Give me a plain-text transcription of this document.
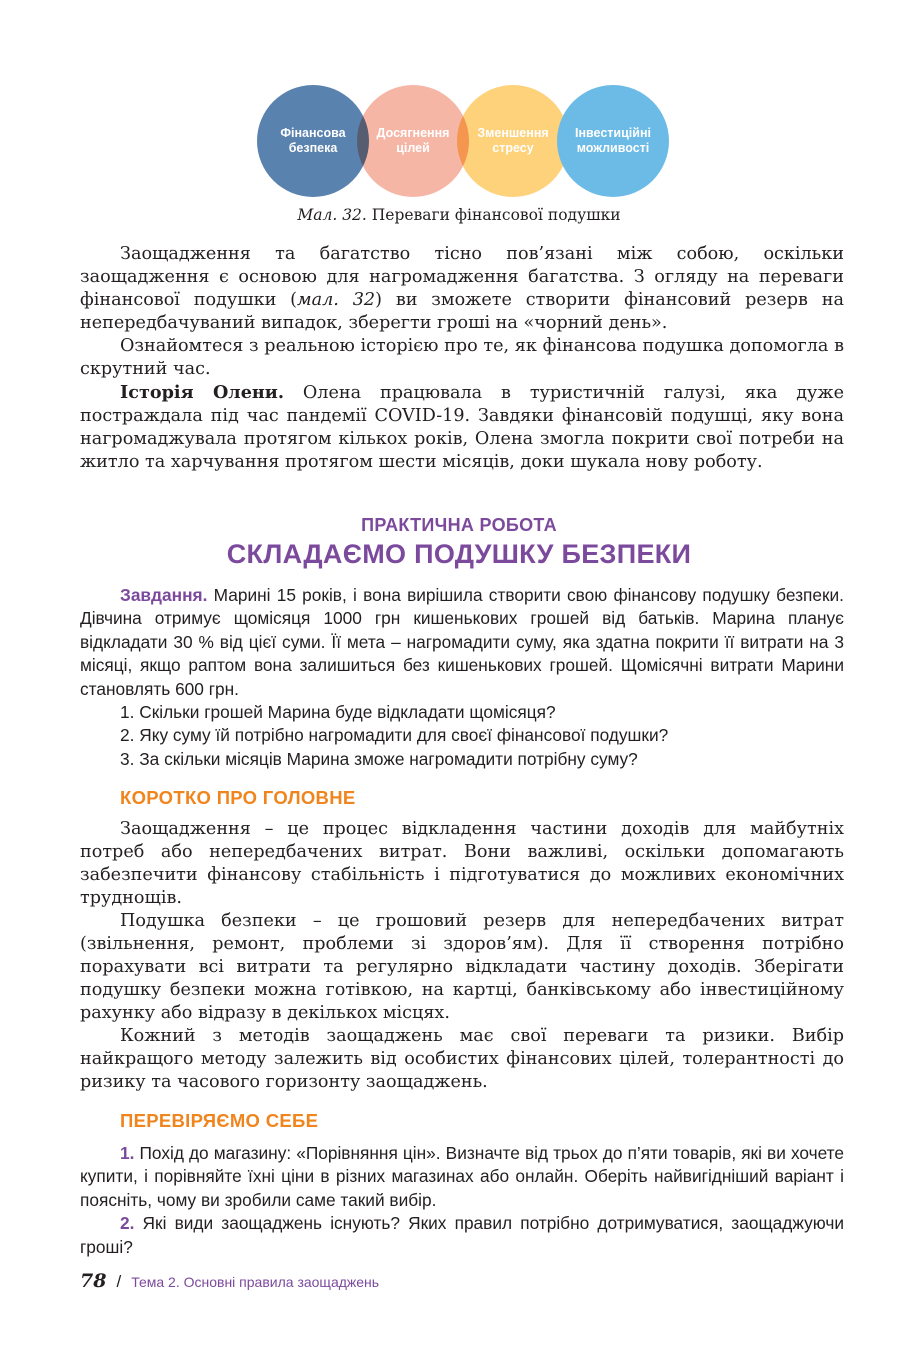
Фінансова
безпека
Досягнення
цілей
Зменшення
стресу
Інвестиційні
можливості
Мал. 32. Переваги фінансової подушки

Заощадження та багатство тісно пов’язані між собою, оскільки заощадження є основою для нагромадження багатства. З огляду на переваги фінансової подушки (мал. 32) ви зможете створити фінансовий резерв на непередбачуваний випадок, зберегти гроші на «чорний день».

Ознайомтеся з реальною історією про те, як фінансова подушка допомогла в скрутний час.

Історія Олени. Олена працювала в туристичній галузі, яка дуже постраждала під час пандемії COVID-19. Завдяки фінансовій подушці, яку вона нагромаджувала протягом кількох років, Олена змогла покрити свої потреби на житло та харчування протягом шести місяців, доки шукала нову роботу.

ПРАКТИЧНА РОБОТА
СКЛАДАЄМО ПОДУШКУ БЕЗПЕКИ

Завдання. Марині 15 років, і вона вирішила створити свою фінансову подушку безпеки. Дівчина отримує щомісяця 1000 грн кишенькових грошей від батьків. Марина планує відкладати 30 % від цієї суми. Її мета – нагромадити суму, яка здатна покрити її витрати на 3 місяці, якщо раптом вона залишиться без кишенькових грошей. Щомісячні витрати Марини становлять 600 грн.

1. Скільки грошей Марина буде відкладати щомісяця?

2. Яку суму їй потрібно нагромадити для своєї фінансової подушки?

3. За скільки місяців Марина зможе нагромадити потрібну суму?

КОРОТКО ПРО ГОЛОВНЕ

Заощадження – це процес відкладення частини доходів для майбутніх потреб або непередбачених витрат. Вони важливі, оскільки допомагають забезпечити фінансову стабільність і підготуватися до можливих економічних труднощів.

Подушка безпеки – це грошовий резерв для непередбачених витрат (звільнення, ремонт, проблеми зі здоров’ям). Для її створення потрібно порахувати всі витрати та регулярно відкладати частину доходів. Зберігати подушку безпеки можна готівкою, на картці, банківському або інвестиційному рахунку або відразу в декількох місцях.

Кожний з методів заощаджень має свої переваги та ризики. Вибір найкращого методу залежить від особистих фінансових цілей, толерантності до ризику та часового горизонту заощаджень.

ПЕРЕВІРЯЄМО СЕБЕ

1. Похід до магазину: «Порівняння цін». Визначте від трьох до п’яти товарів, які ви хочете купити, і порівняйте їхні ціни в різних магазинах або онлайн. Оберіть найвигідніший варіант і поясніть, чому ви зробили саме такий вибір.

2. Які види заощаджень існують? Яких правил потрібно дотримуватися, заощаджуючи гроші?

78 / Тема 2. Основні правила заощаджень
